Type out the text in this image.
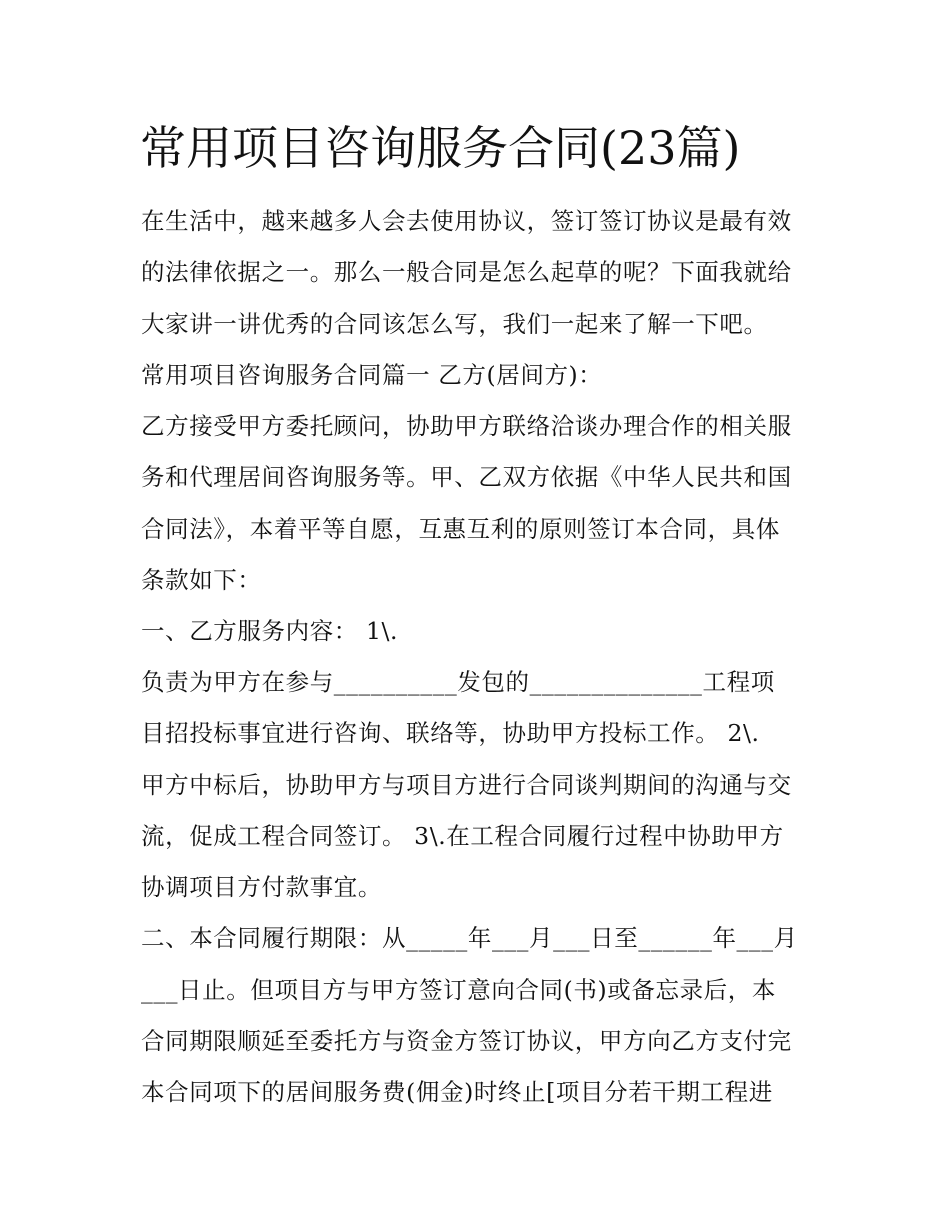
常用项目咨询服务合同(23篇)
在生活中，越来越多人会去使用协议，签订签订协议是最有效
的法律依据之一。那么一般合同是怎么起草的呢？下面我就给
大家讲一讲优秀的合同该怎么写，我们一起来了解一下吧。
常用项目咨询服务合同篇一 乙方(居间方)：
乙方接受甲方委托顾问，协助甲方联络洽谈办理合作的相关服
务和代理居间咨询服务等。甲、乙双方依据《中华人民共和国
合同法》，本着平等自愿，互惠互利的原则签订本合同，具体
条款如下：
一、乙方服务内容： 1\.
负责为甲方在参与__________发包的______________工程项
目招投标事宜进行咨询、联络等，协助甲方投标工作。 2\.
甲方中标后，协助甲方与项目方进行合同谈判期间的沟通与交
流，促成工程合同签订。 3\.在工程合同履行过程中协助甲方
协调项目方付款事宜。
二、本合同履行期限：从_____年___月___日至______年___月
___日止。但项目方与甲方签订意向合同(书)或备忘录后，本
合同期限顺延至委托方与资金方签订协议，甲方向乙方支付完
本合同项下的居间服务费(佣金)时终止[项目分若干期工程进
